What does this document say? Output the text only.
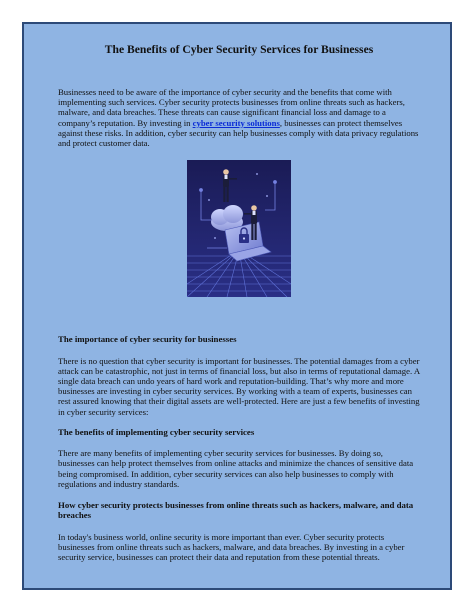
The Benefits of Cyber Security Services for Businesses

Businesses need to be aware of the importance of cyber security and the benefits that come with implementing such services. Cyber security protects businesses from online threats such as hackers, malware, and data breaches. These threats can cause significant financial loss and damage to a company’s reputation. By investing in cyber security solutions, businesses can protect themselves against these risks. In addition, cyber security can help businesses comply with data privacy regulations and protect customer data.

The importance of cyber security for businesses

There is no question that cyber security is important for businesses. The potential damages from a cyber attack can be catastrophic, not just in terms of financial loss, but also in terms of reputational damage. A single data breach can undo years of hard work and reputation-building. That’s why more and more businesses are investing in cyber security services. By working with a team of experts, businesses can rest assured knowing that their digital assets are well-protected. Here are just a few benefits of investing in cyber security services:

The benefits of implementing cyber security services

There are many benefits of implementing cyber security services for businesses. By doing so, businesses can help protect themselves from online attacks and minimize the chances of sensitive data being compromised. In addition, cyber security services can also help businesses to comply with regulations and industry standards.

How cyber security protects businesses from online threats such as hackers, malware, and data breaches

In today's business world, online security is more important than ever. Cyber security protects businesses from online threats such as hackers, malware, and data breaches. By investing in a cyber security service, businesses can protect their data and reputation from these potential threats.
